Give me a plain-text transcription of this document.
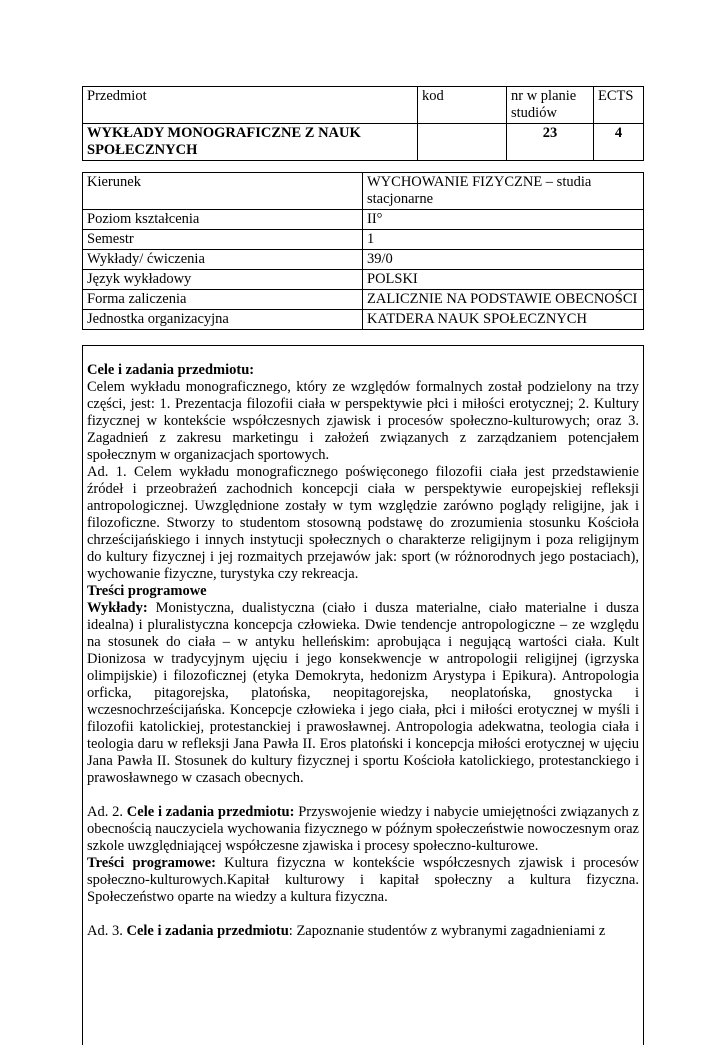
Przedmiot	kod	nr w planie studiów	ECTS
WYKŁADY MONOGRAFICZNE Z NAUK SPOŁECZNYCH		23	4
Kierunek	WYCHOWANIE FIZYCZNE – studia stacjonarne
Poziom kształcenia	II°
Semestr	1
Wykłady/ ćwiczenia	39/0
Język wykładowy	POLSKI
Forma zaliczenia	ZALICZNIE NA PODSTAWIE OBECNOŚCI
Jednostka organizacyjna	KATDERA NAUK SPOŁECZNYCH

Cele i zadania przedmiotu:

Celem wykładu monograficznego, który ze względów formalnych został podzielony na trzy części, jest: 1. Prezentacja filozofii ciała w perspektywie płci i miłości erotycznej; 2. Kultury fizycznej w kontekście współczesnych zjawisk i procesów społeczno-kulturowych; oraz 3. Zagadnień z zakresu marketingu i założeń związanych z zarządzaniem potencjałem społecznym w organizacjach sportowych.

Ad. 1. Celem wykładu monograficznego poświęconego filozofii ciała jest przedstawienie źródeł i przeobrażeń zachodnich koncepcji ciała w perspektywie europejskiej refleksji antropologicznej. Uwzględnione zostały w tym względzie zarówno poglądy religijne, jak i filozoficzne. Stworzy to studentom stosowną podstawę do zrozumienia stosunku Kościoła chrześcijańskiego i innych instytucji społecznych o charakterze religijnym i poza religijnym do kultury fizycznej i jej rozmaitych przejawów jak: sport (w różnorodnych jego postaciach), wychowanie fizyczne, turystyka czy rekreacja.

Treści programowe

Wykłady: Monistyczna, dualistyczna (ciało i dusza materialne, ciało materialne i dusza idealna) i pluralistyczna koncepcja człowieka. Dwie tendencje antropologiczne – ze względu na stosunek do ciała – w antyku helleńskim: aprobująca i negującą wartości ciała. Kult Dionizosa w tradycyjnym ujęciu i jego konsekwencje w antropologii religijnej (igrzyska olimpijskie) i filozoficznej (etyka Demokryta, hedonizm Arystypa i Epikura). Antropologia orficka, pitagorejska, platońska, neopitagorejska, neoplatońska, gnostycka i wczesnochrześcijańska. Koncepcje człowieka i jego ciała, płci i miłości erotycznej w myśli i filozofii katolickiej, protestanckiej i prawosławnej. Antropologia adekwatna, teologia ciała i teologia daru w refleksji Jana Pawła II. Eros platoński i koncepcja miłości erotycznej w ujęciu Jana Pawła II. Stosunek do kultury fizycznej i sportu Kościoła katolickiego, protestanckiego i prawosławnego w czasach obecnych.

Ad. 2. Cele i zadania przedmiotu: Przyswojenie wiedzy i nabycie umiejętności związanych z obecnością nauczyciela wychowania fizycznego w późnym społeczeństwie nowoczesnym oraz szkole uwzględniającej współczesne zjawiska i procesy społeczno-kulturowe.

Treści programowe: Kultura fizyczna w kontekście współczesnych zjawisk i procesów społeczno-kulturowych.Kapitał kulturowy i kapitał społeczny a kultura fizyczna. Społeczeństwo oparte na wiedzy a kultura fizyczna.

Ad. 3. Cele i zadania przedmiotu: Zapoznanie studentów z wybranymi zagadnieniami z
